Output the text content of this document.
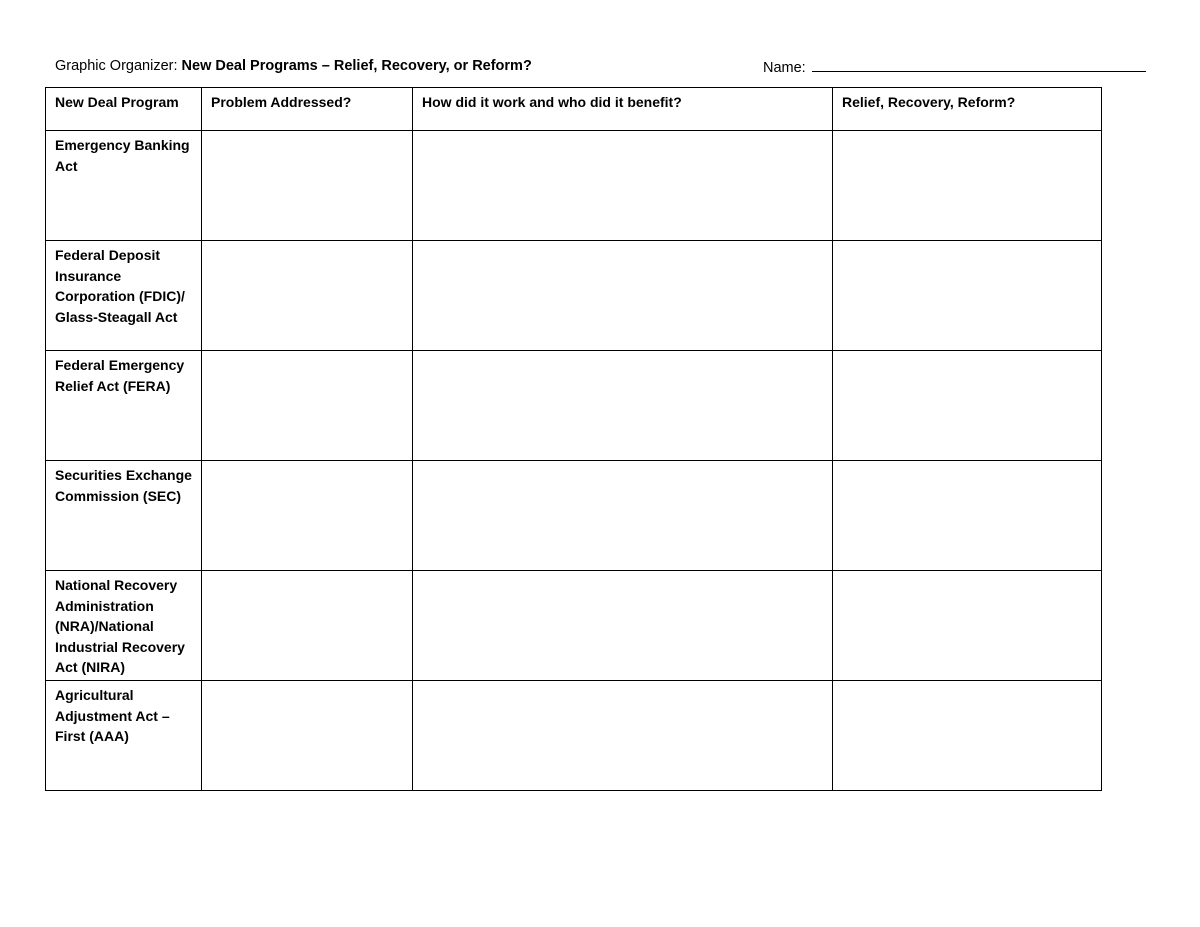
Graphic Organizer: New Deal Programs – Relief, Recovery, or Reform?	Name:
New Deal Program	Problem Addressed?	How did it work and who did it benefit?	Relief, Recovery, Reform?
Emergency Banking Act			
Federal Deposit Insurance Corporation (FDIC)/ Glass-Steagall Act			
Federal Emergency Relief Act (FERA)			
Securities Exchange Commission (SEC)			
National Recovery Administration (NRA)/National Industrial Recovery Act (NIRA)			
Agricultural Adjustment Act – First (AAA)			
